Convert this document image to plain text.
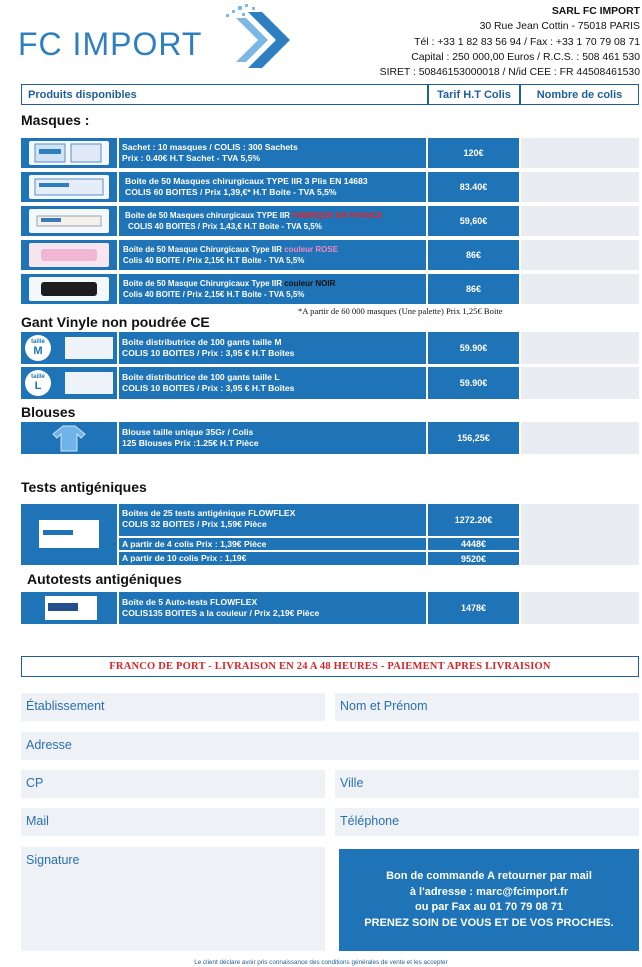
FC IMPORT
SARL FC IMPORT
30 Rue Jean Cottin - 75018 PARIS
Tél : +33 1 82 83 56 94 / Fax : +33 1 70 79 08 71
Capital : 250 000,00 Euros / R.C.S. : 508 461 530
SIRET : 50846153000018 / N/id CEE : FR 44508461530
Produits disponibles	Tarif H.T Colis	Nombre de colis
Masques :
Sachet : 10 masques / COLIS : 300 Sachets
Prix : 0.40€ H.T Sachet - TVA 5,5%	120€
Boite de 50 Masques chirurgicaux TYPE IIR 3 Plis EN 14683
COLIS 60 BOITES / Prix 1,39,€* H.T Boite - TVA 5,5%	83.40€
Boite de 50 Masques chirurgicaux TYPE IIR FABRIQUE EN FRANCE
COLIS 40 BOITES / Prix 1,43,€ H.T Boite - TVA 5,5%
59,60€
Boite de 50 Masque Chirurgicaux Type IIR couleur ROSE
Colis 40 BOITE / Prix 2,15€ H.T Boite - TVA 5,5%
86€
Boite de 50 Masque Chirurgicaux Type IIR couleur NOIR
Colis 40 BOITE / Prix 2,15€ H.T Boite - TVA 5,5%
86€
*A partir de 60 000 masques (Une palette) Prix 1,25€ Boite
Gant Vinyle non poudrée CE
taille
M
Boite distributrice de 100 gants taille M
COLIS 10 BOITES / Prix : 3,95 € H.T Boîtes	59.90€
taille
L
Boite distributrice de 100 gants taille L
COLIS 10 BOITES / Prix : 3,95 € H.T Boîtes	59.90€
Blouses
Blouse taille unique 35Gr / Colis
125 Blouses Prix :1.25€ H.T Pièce	156,25€
Tests antigéniques
Boites de 25 tests antigénique FLOWFLEX
COLIS 32 BOITES / Prix 1,59€ Pièce	1272.20€
A partir de 4 colis Prix : 1,39€ Pièce	4448€
A partir de 10 colis Prix : 1,19€	9520€
Autotests antigéniques
Boite de 5 Auto-tests FLOWFLEX
COLIS135 BOITES a la couleur / Prix 2,19€ Pièce	1478€
FRANCO DE PORT - LIVRAISON EN 24 A 48 HEURES - PAIEMENT APRES LIVRAISION
Établissement	Nom et Prénom
Adresse
CP	Ville
Mail	Téléphone
Signature
Bon de commande A retourner par mail
à l'adresse : marc@fcimport.fr
ou par Fax au 01 70 79 08 71
PRENEZ SOIN DE VOUS ET DE VOS PROCHES.
Le client déclare avoir pris connaissance des conditions générales de vente et les accepter
